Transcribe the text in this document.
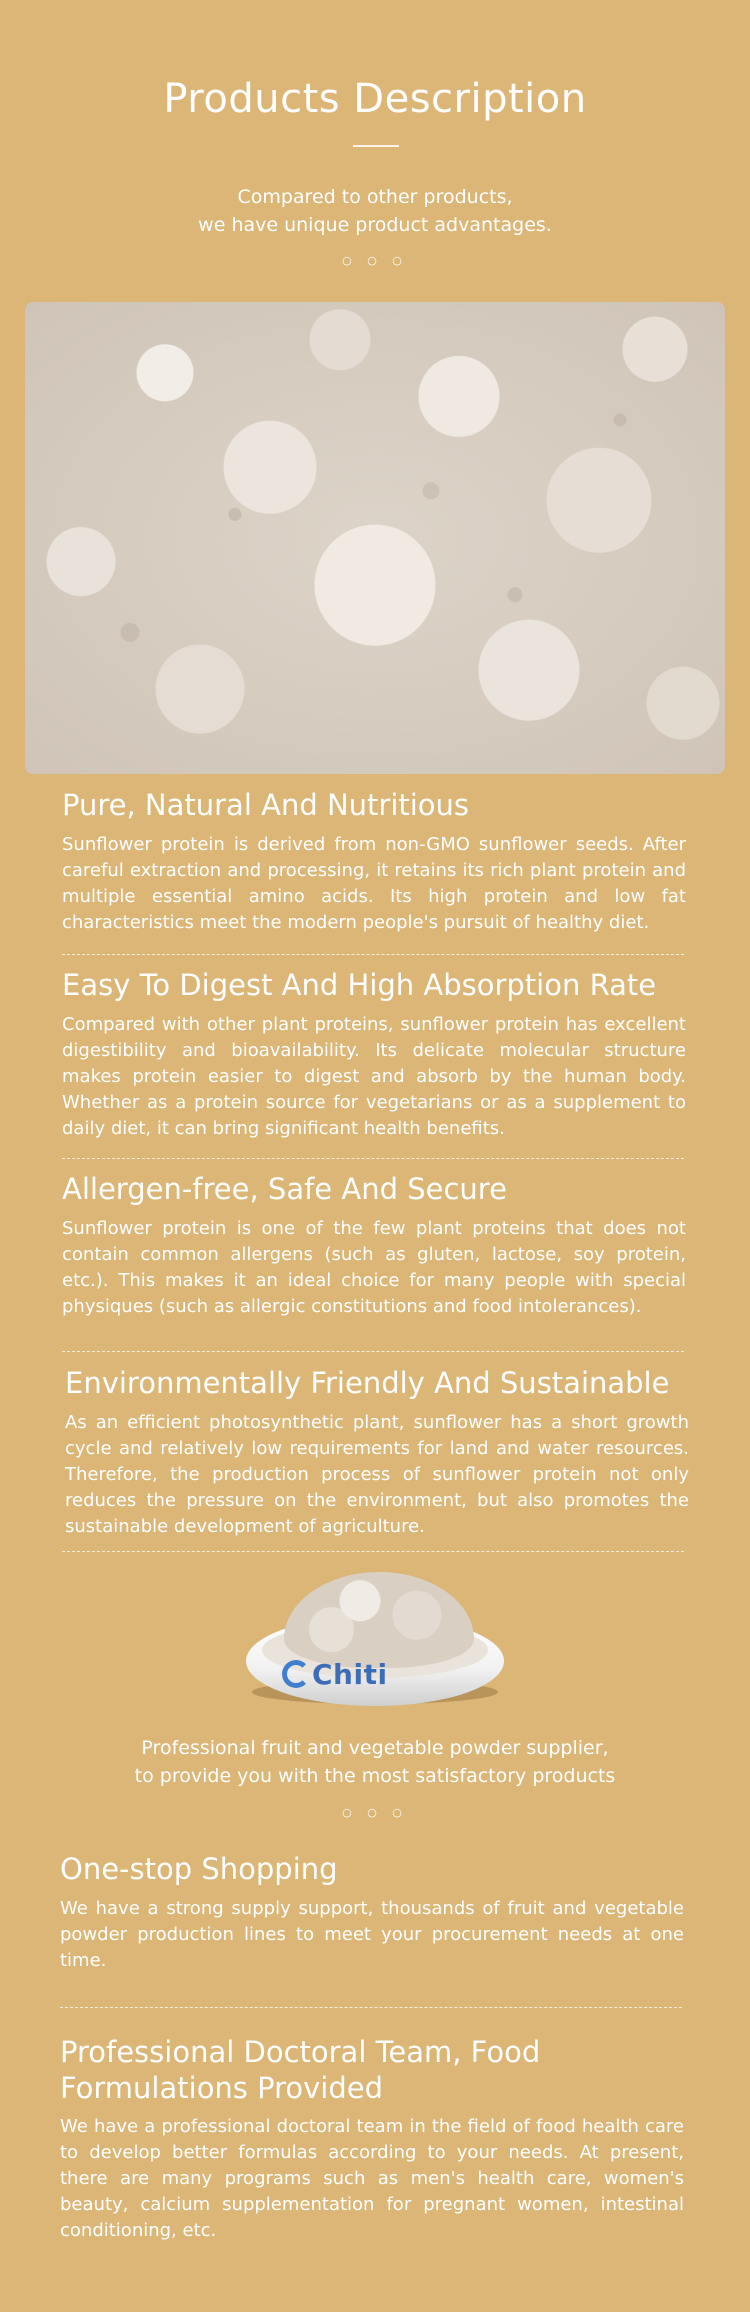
Products Description

Compared to other products,
we have unique product advantages.

○ ○ ○
Pure, Natural And Nutritious

Sunflower protein is derived from non-GMO sunflower seeds. After careful extraction and processing, it retains its rich plant protein and multiple essential amino acids. Its high protein and low fat characteristics meet the modern people's pursuit of healthy diet.

Easy To Digest And High Absorption Rate

Compared with other plant proteins, sunflower protein has excellent digestibility and bioavailability. Its delicate molecular structure makes protein easier to digest and absorb by the human body. Whether as a protein source for vegetarians or as a supplement to daily diet, it can bring significant health benefits.

Allergen-free, Safe And Secure

Sunflower protein is one of the few plant proteins that does not contain common allergens (such as gluten, lactose, soy protein, etc.). This makes it an ideal choice for many people with special physiques (such as allergic constitutions and food intolerances).

Environmentally Friendly And Sustainable

As an efficient photosynthetic plant, sunflower has a short growth cycle and relatively low requirements for land and water resources. Therefore, the production process of sunflower protein not only reduces the pressure on the environment, but also promotes the sustainable development of agriculture.

Chiti

Professional fruit and vegetable powder supplier,
to provide you with the most satisfactory products

○ ○ ○
One-stop Shopping

We have a strong supply support, thousands of fruit and vegetable powder production lines to meet your procurement needs at one time.

Professional Doctoral Team, Food Formulations Provided

We have a professional doctoral team in the field of food health care to develop better formulas according to your needs. At present, there are many programs such as men's health care, women's beauty, calcium supplementation for pregnant women, intestinal conditioning, etc.
